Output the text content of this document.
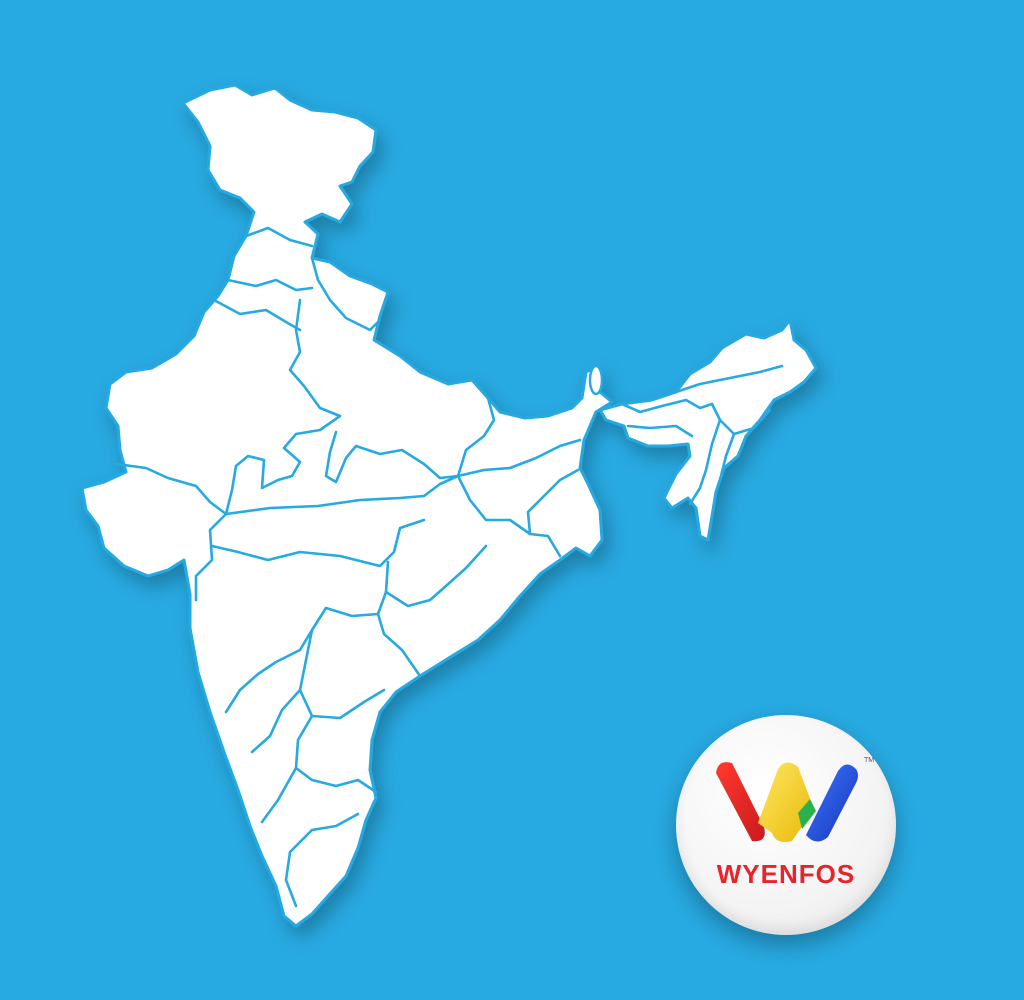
TM
WYENFOS
